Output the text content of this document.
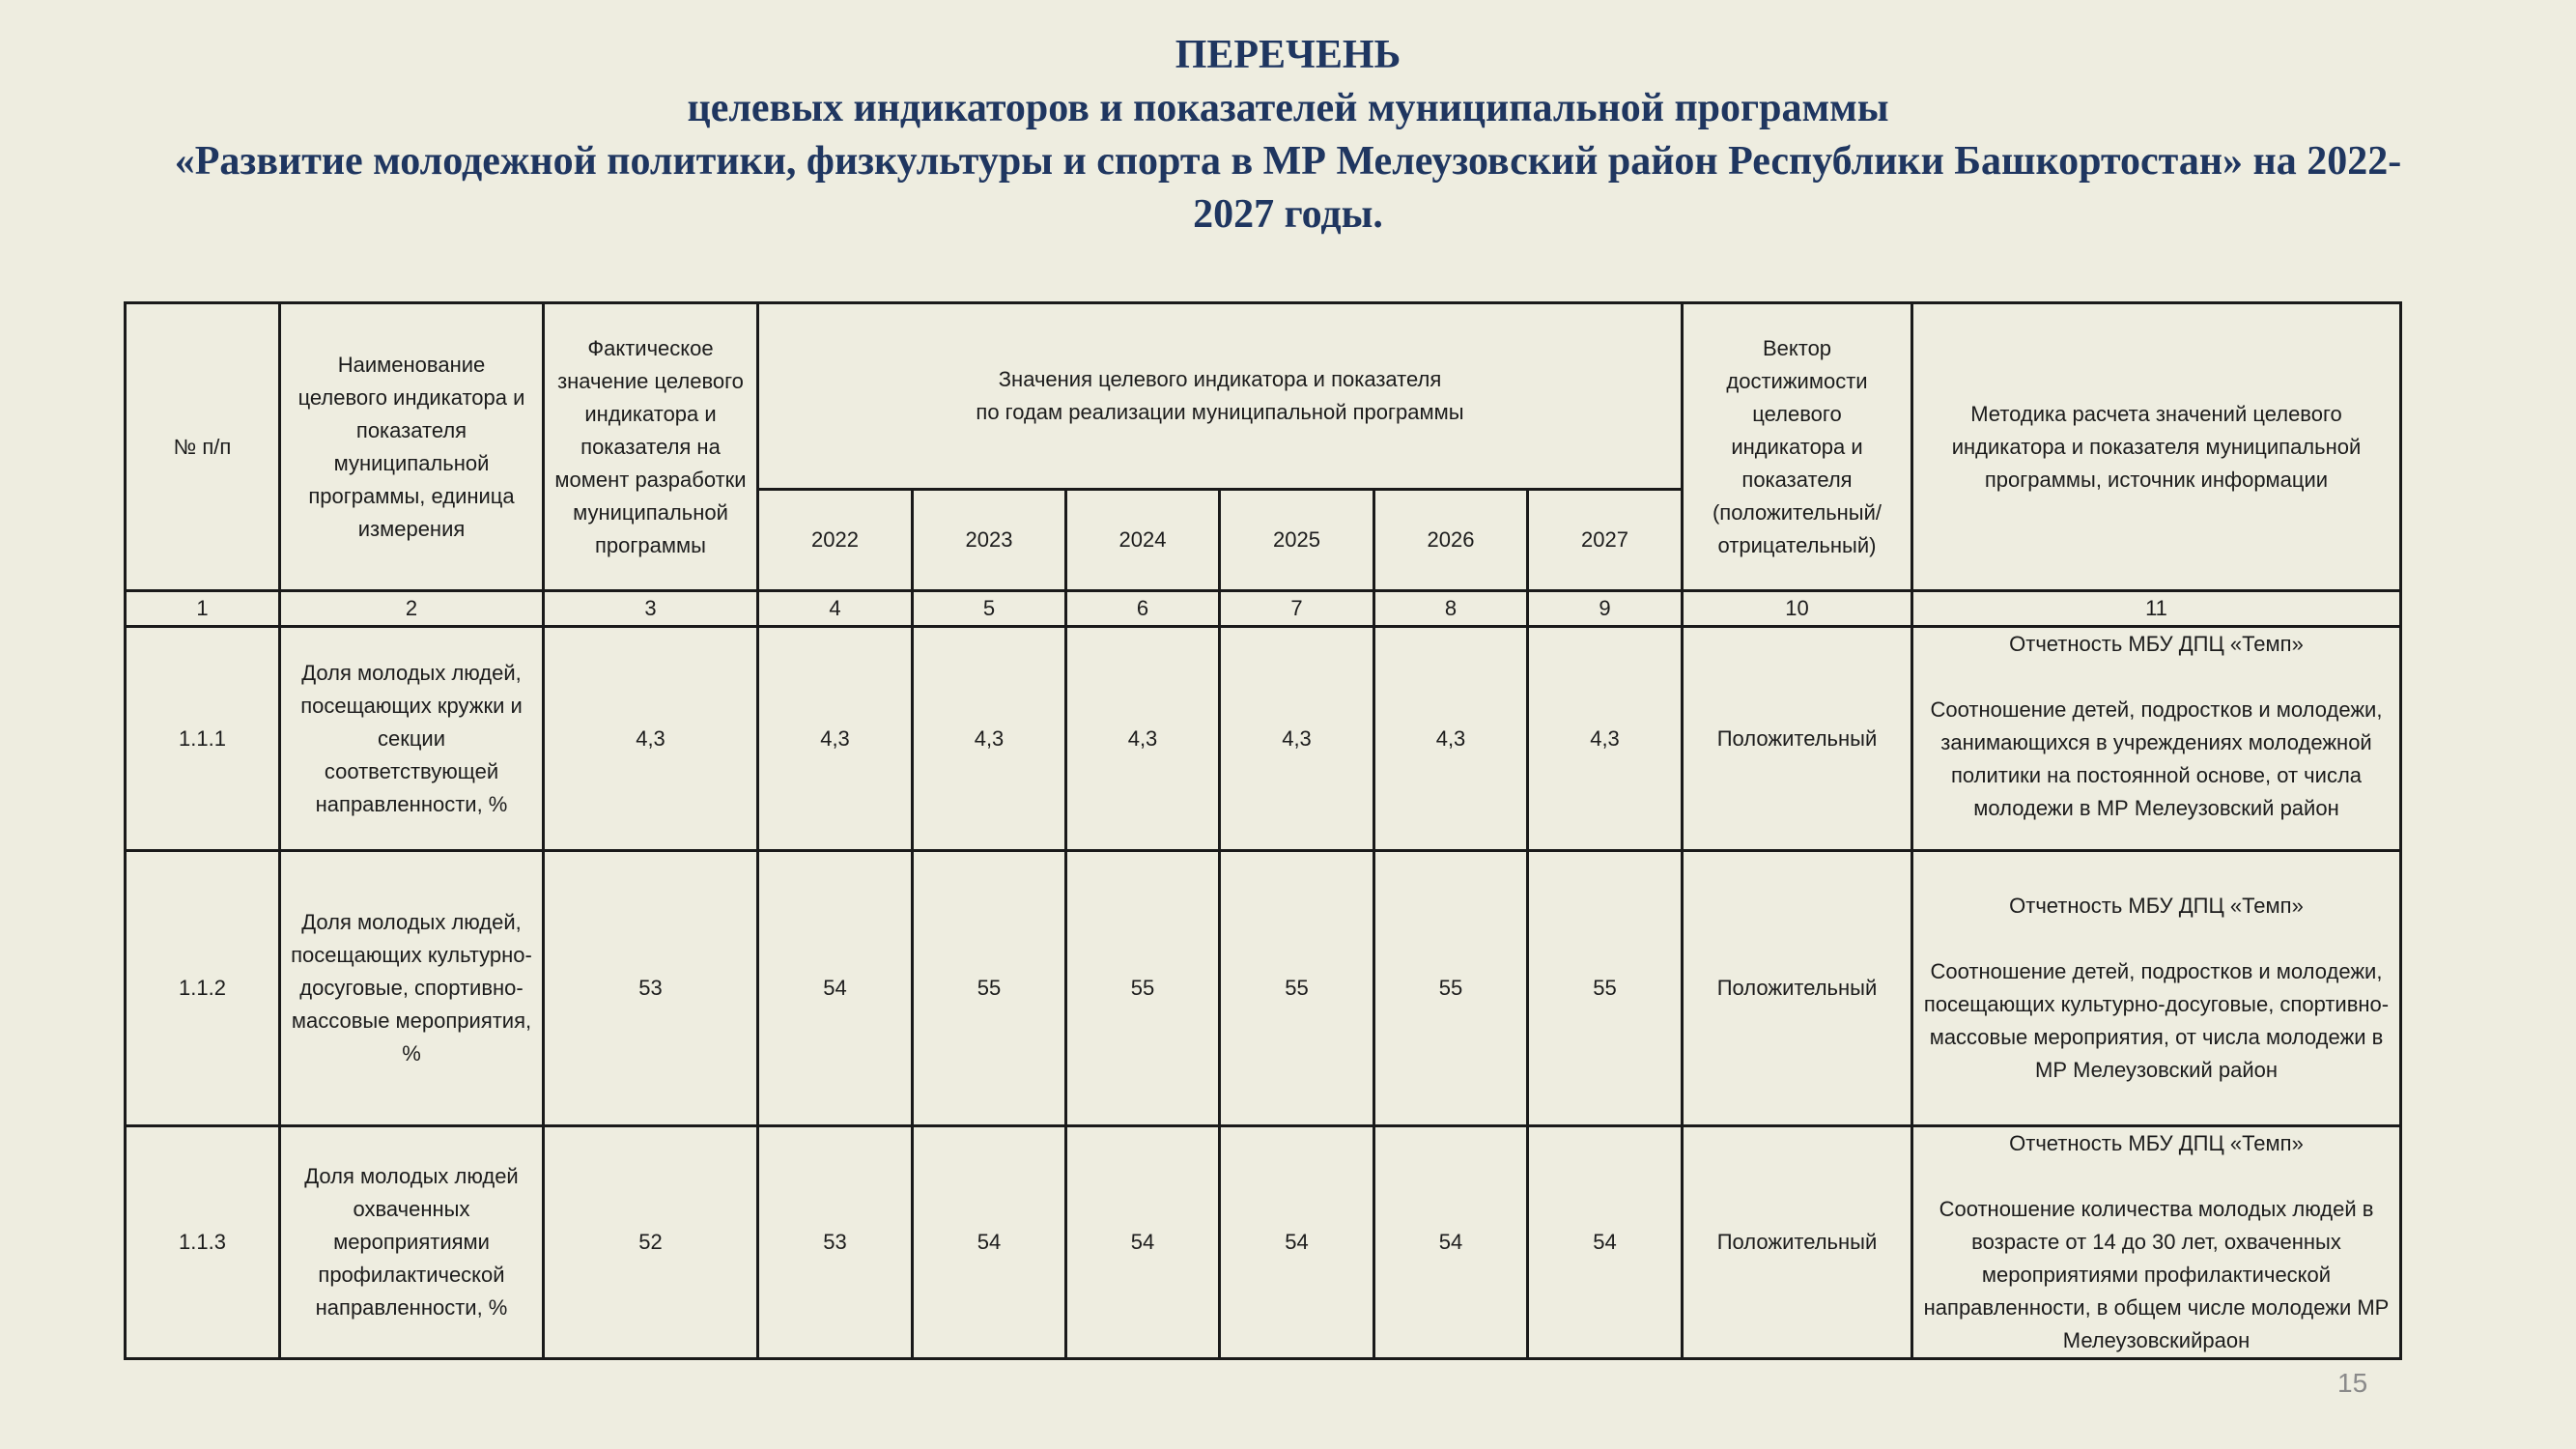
ПЕРЕЧЕНЬ
целевых индикаторов и показателей муниципальной программы
«Развитие молодежной политики, физкультуры и спорта в МР Мелеузовский район Республики Башкортостан» на 2022-
2027 годы.
№ п/п	Наименование целевого индикатора и показателя муниципальной программы, единица измерения	Фактическое значение целевого индикатора и показателя на момент разработки муниципальной программы	Значения целевого индикатора и показателя
по годам реализации муниципальной программы						Вектор достижимости целевого индикатора и показателя (положительный/отрицательный)	Методика расчета значений целевого индикатора и показателя муниципальной программы, источник информации
			2022	2023	2024	2025	2026	2027		
1	2	3	4	5	6	7	8	9	10	11
1.1.1	Доля молодых людей, посещающих кружки и секции соответствующей направленности, %	4,3	4,3	4,3	4,3	4,3	4,3	4,3	Положительный	Отчетность МБУ ДПЦ «Темп»

Соотношение детей, подростков и молодежи, занимающихся в учреждениях молодежной политики на постоянной основе, от числа молодежи в МР Мелеузовский район
1.1.2	Доля молодых людей, посещающих культурно-досуговые, спортивно-массовые мероприятия, %	53	54	55	55	55	55	55	Положительный	Отчетность МБУ ДПЦ «Темп»

Соотношение детей, подростков и молодежи, посещающих культурно-досуговые, спортивно-массовые мероприятия, от числа молодежи в МР Мелеузовский район
1.1.3	Доля молодых людей охваченных мероприятиями профилактической направленности, %	52	53	54	54	54	54	54	Положительный	Отчетность МБУ ДПЦ «Темп»

Соотношение количества молодых людей в возрасте от 14 до 30 лет, охваченных мероприятиями профилактической направленности, в общем числе молодежи МР Мелеузовскийраон
15
